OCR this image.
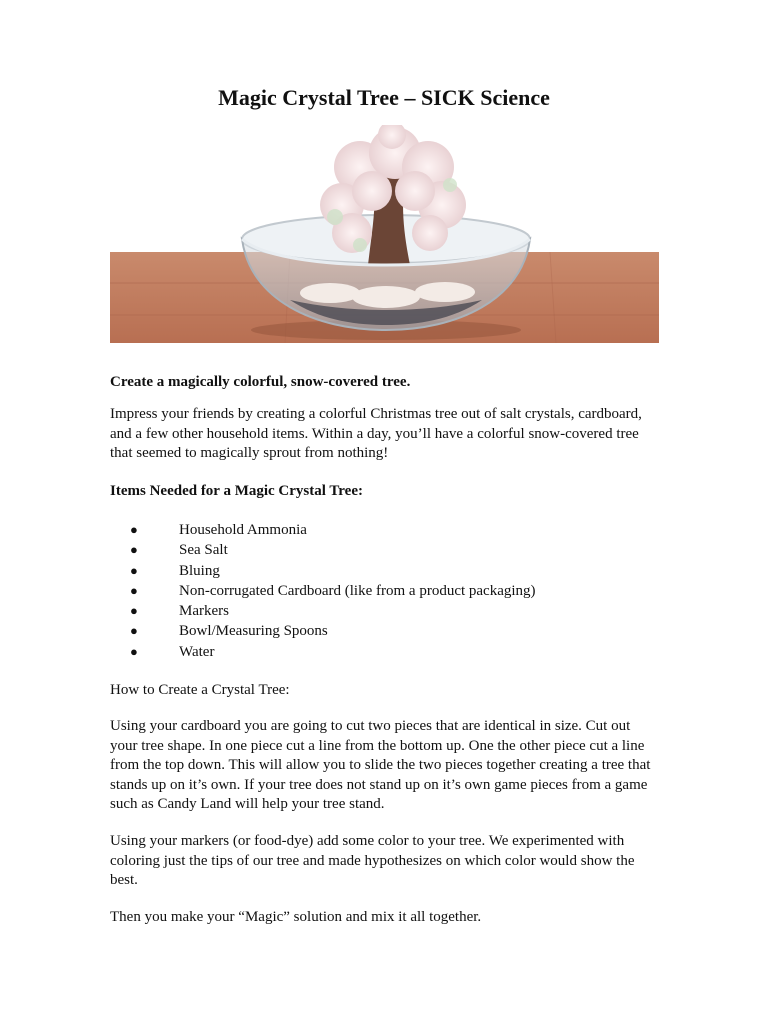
Magic Crystal Tree – SICK Science
Create a magically colorful, snow-covered tree.
Impress your friends by creating a colorful Christmas tree out of salt crystals, cardboard, and a few other household items. Within a day, you’ll have a colorful snow-covered tree that seemed to magically sprout from nothing!
Items Needed for a Magic Crystal Tree:
●	Household Ammonia
●	Sea Salt
●	Bluing
●	Non-corrugated Cardboard (like from a product packaging)
●	Markers
●	Bowl/Measuring Spoons
●	Water
How to Create a Crystal Tree:
Using your cardboard you are going to cut two pieces that are identical in size. Cut out your tree shape. In one piece cut a line from the bottom up. One the other piece cut a line from the top down. This will allow you to slide the two pieces together creating a tree that stands up on it’s own. If your tree does not stand up on it’s own game pieces from a game such as Candy Land will help your tree stand.
Using your markers (or food-dye) add some color to your tree. We experimented with coloring just the tips of our tree and made hypothesizes on which color would show the best.
Then you make your “Magic” solution and mix it all together.
